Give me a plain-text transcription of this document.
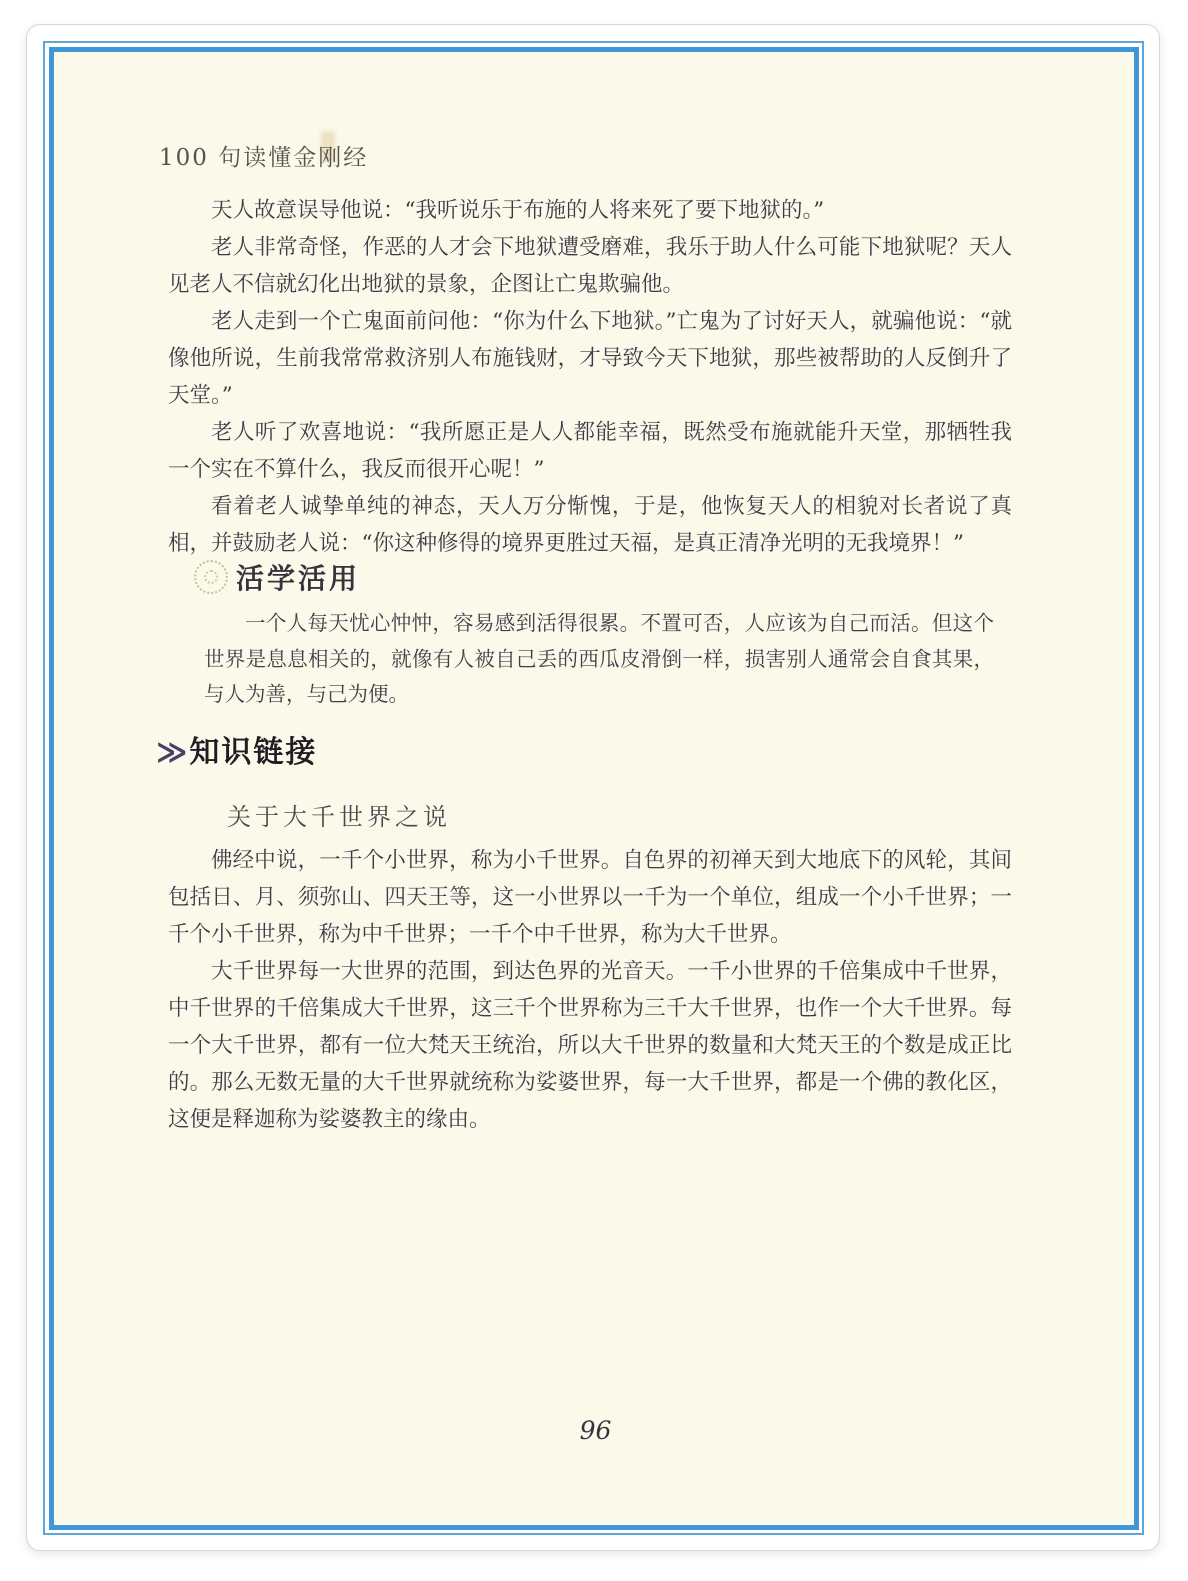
100 句读懂金刚经

天人故意误导他说：“我听说乐于布施的人将来死了要下地狱的。”

老人非常奇怪，作恶的人才会下地狱遭受磨难，我乐于助人什么可能下地狱呢？天人见老人不信就幻化出地狱的景象，企图让亡鬼欺骗他。

老人走到一个亡鬼面前问他：“你为什么下地狱。”亡鬼为了讨好天人，就骗他说：“就像他所说，生前我常常救济别人布施钱财，才导致今天下地狱，那些被帮助的人反倒升了天堂。”

老人听了欢喜地说：“我所愿正是人人都能幸福，既然受布施就能升天堂，那牺牲我一个实在不算什么，我反而很开心呢！”

看着老人诚挚单纯的神态，天人万分惭愧，于是，他恢复天人的相貌对长者说了真相，并鼓励老人说：“你这种修得的境界更胜过天福，是真正清净光明的无我境界！”

活学活用

一个人每天忧心忡忡，容易感到活得很累。不置可否，人应该为自己而活。但这个世界是息息相关的，就像有人被自己丢的西瓜皮滑倒一样，损害别人通常会自食其果，与人为善，与己为便。

≫ 知识链接
关于大千世界之说

佛经中说，一千个小世界，称为小千世界。自色界的初禅天到大地底下的风轮，其间包括日、月、须弥山、四天王等，这一小世界以一千为一个单位，组成一个小千世界；一千个小千世界，称为中千世界；一千个中千世界，称为大千世界。

大千世界每一大世界的范围，到达色界的光音天。一千小世界的千倍集成中千世界，中千世界的千倍集成大千世界，这三千个世界称为三千大千世界，也作一个大千世界。每一个大千世界，都有一位大梵天王统治，所以大千世界的数量和大梵天王的个数是成正比的。那么无数无量的大千世界就统称为娑婆世界，每一大千世界，都是一个佛的教化区，这便是释迦称为娑婆教主的缘由。

96
